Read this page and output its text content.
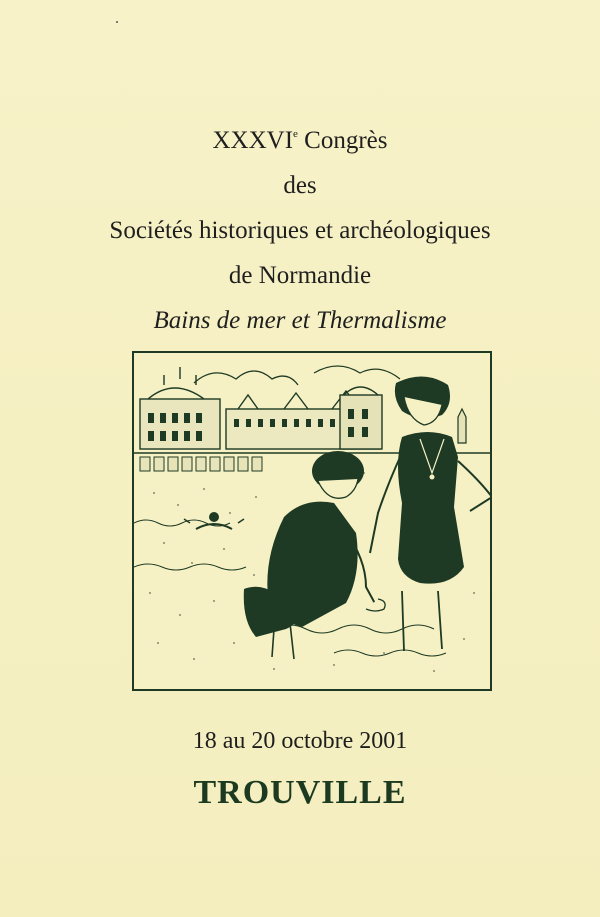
XXXVIe Congrès
des
Sociétés historiques et archéologiques
de Normandie
Bains de mer et Thermalisme
18 au 20 octobre 2001
TROUVILLE
